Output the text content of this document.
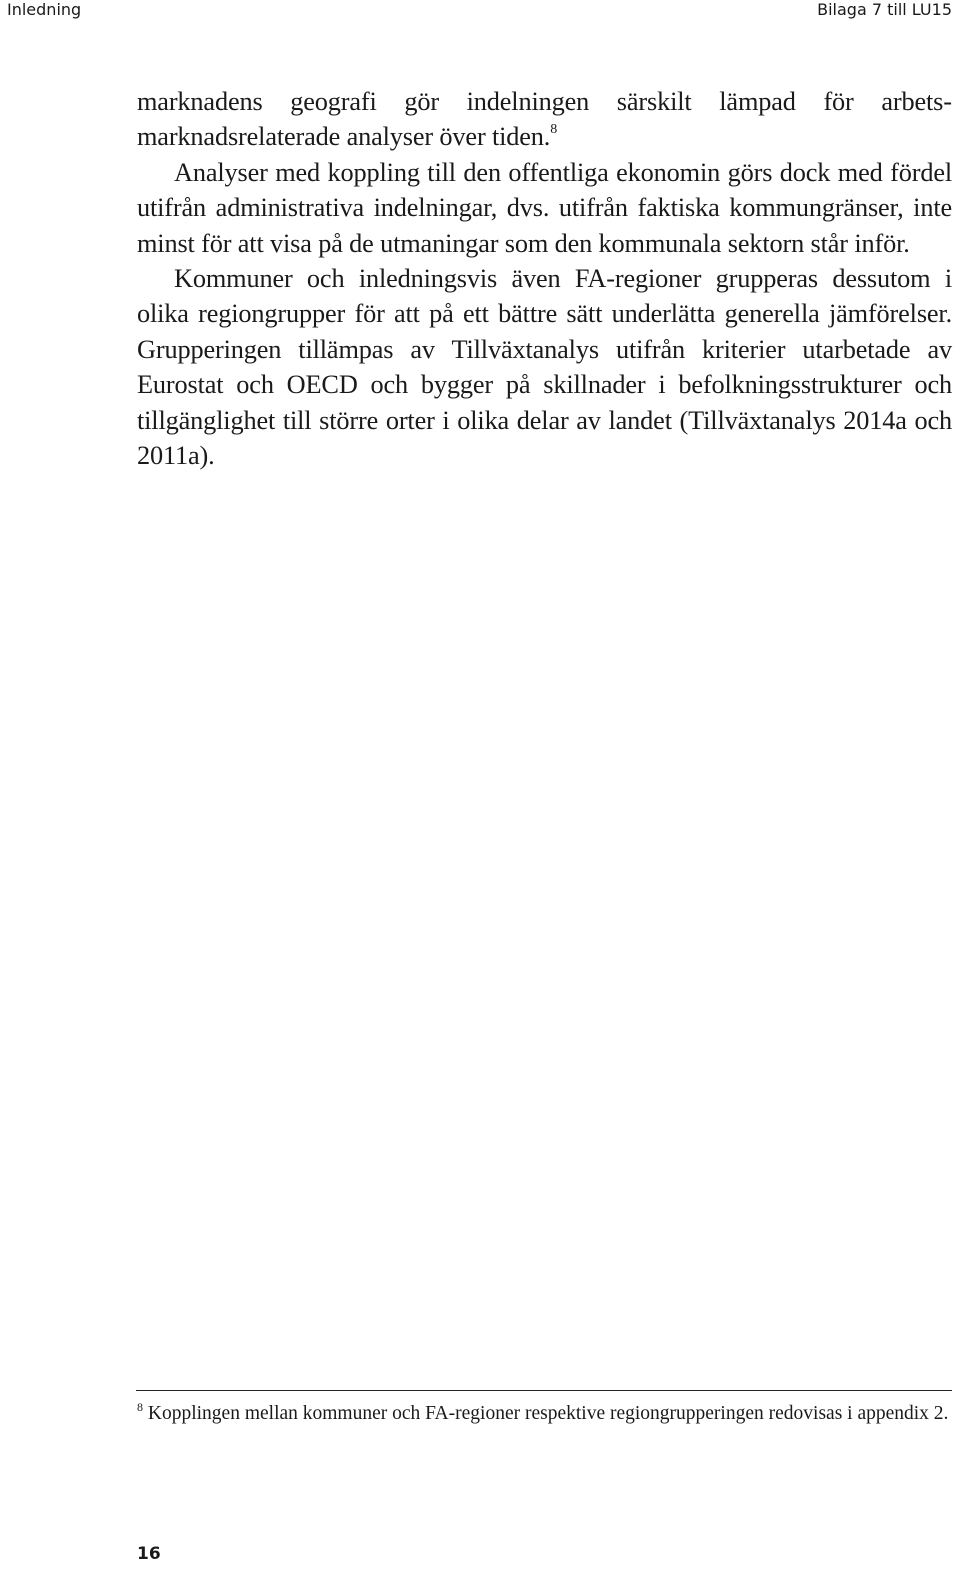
Inledning	Bilaga 7 till LU15

marknadens geografi gör indelningen särskilt lämpad för arbetsmarknadsrelaterade analyser över tiden.$^8$

Analyser med koppling till den offentliga ekonomin görs dock med fördel utifrån administrativa indelningar, dvs. utifrån faktiska kommungränser, inte minst för att visa på de utmaningar som den kommunala sektorn står inför.

Kommuner och inledningsvis även FA-regioner grupperas dessutom i olika regiongrupper för att på ett bättre sätt underlätta generella jämförelser. Grupperingen tillämpas av Tillväxtanalys utifrån kriterier utarbetade av Eurostat och OECD och bygger på skillnader i befolkningsstrukturer och tillgänglighet till större orter i olika delar av landet (Tillväxtanalys 2014a och 2011a).

$^8$ Kopplingen mellan kommuner och FA-regioner respektive regiongrupperingen redovisas i appendix 2.
16
